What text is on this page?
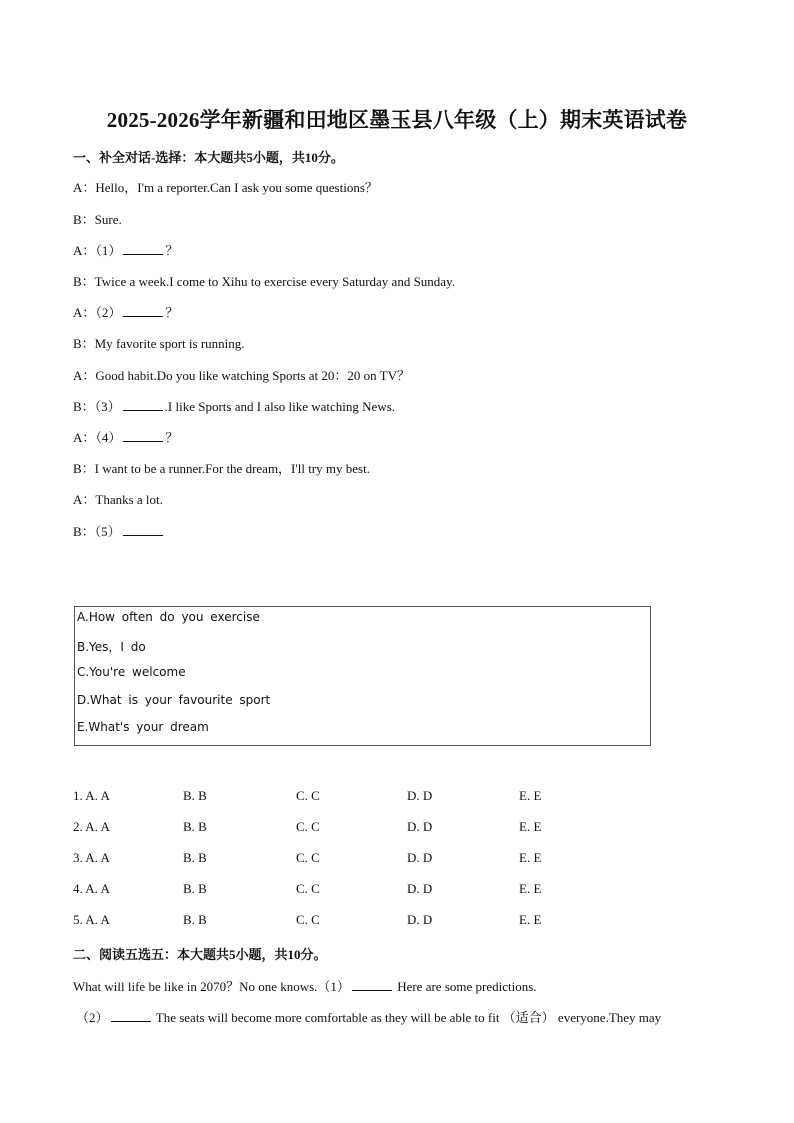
2025-2026学年新疆和田地区墨玉县八年级（上）期末英语试卷
一、补全对话-选择：本大题共5小题，共10分。
A：Hello，I'm a reporter.Can I ask you some questions？
B：Sure.
A：（1）	？
B：Twice a week.I come to Xihu to exercise every Saturday and Sunday.
A：（2）	？
B：My favorite sport is running.
A：Good habit.Do you like watching Sports at 20：20 on TV？
B：（3）	.I like Sports and I also like watching News.
A：（4）	？
B：I want to be a runner.For the dream，I'll try my best.
A：Thanks a lot.
B：（5）
A.How often do you exercise
B.Yes，I do
C.You're welcome
D.What is your favourite sport
E.What's your dream
1. A. A	B. B	C. C	D. D	E. E
2. A. A	B. B	C. C	D. D	E. E
3. A. A	B. B	C. C	D. D	E. E
4. A. A	B. B	C. C	D. D	E. E
5. A. A	B. B	C. C	D. D	E. E
二、阅读五选五：本大题共5小题，共10分。
What will life be like in 2070？No one knows.（1）	Here are some predictions.
（2）	The seats will become more comfortable as they will be able to fit （适合） everyone.They may
